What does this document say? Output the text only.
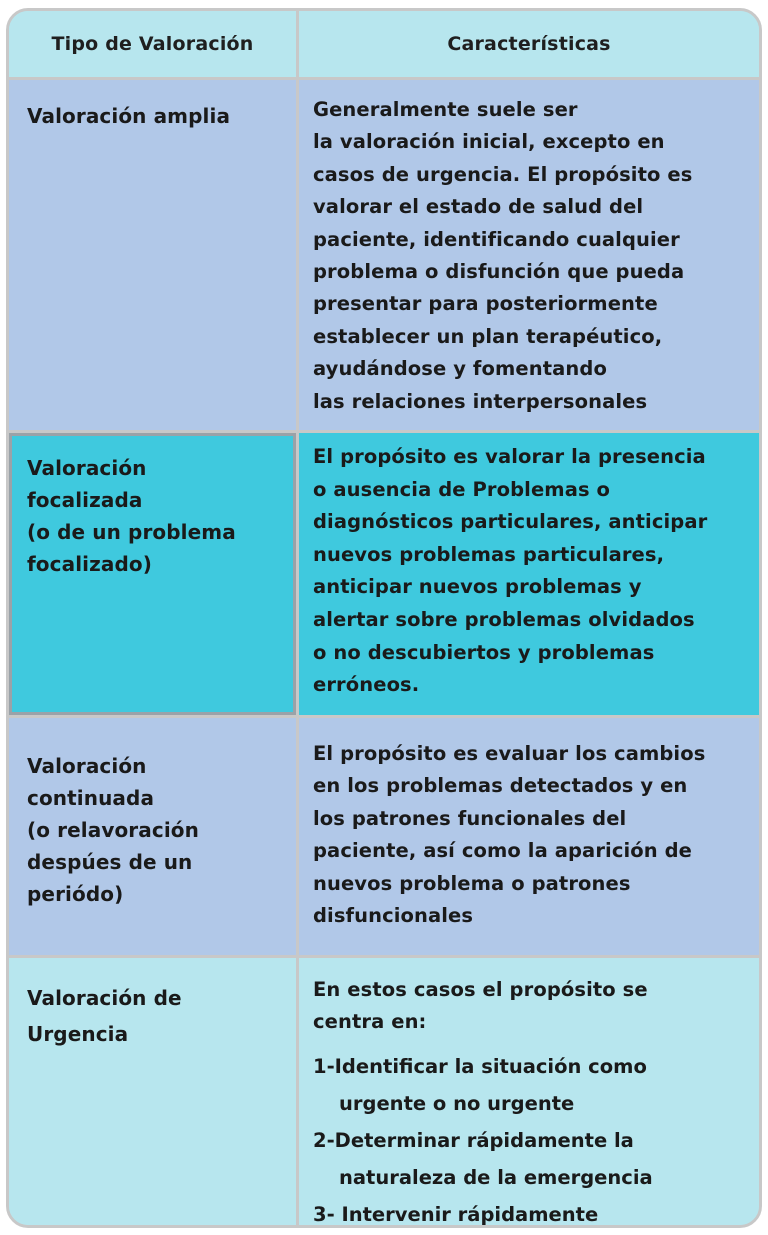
Tipo de Valoración	Características
Valoración amplia	Generalmente suele ser
la valoración inicial, excepto en
casos de urgencia. El propósito es
valorar el estado de salud del
paciente, identificando cualquier
problema o disfunción que pueda
presentar para posteriormente
establecer un plan terapéutico,
ayudándose y fomentando
las relaciones interpersonales
Valoración
focalizada
(o de un problema
focalizado)
El propósito es valorar la presencia
o ausencia de Problemas o
diagnósticos particulares, anticipar
nuevos problemas particulares,
anticipar nuevos problemas y
alertar sobre problemas olvidados
o no descubiertos y problemas
erróneos.
Valoración
continuada
(o relavoración
despúes de un
periódo)
El propósito es evaluar los cambios
en los problemas detectados y en
los patrones funcionales del
paciente, así como la aparición de
nuevos problema o patrones
disfuncionales
Valoración de
Urgencia
En estos casos el propósito se
centra en:
1- Identificar la situación como
urgente o no urgente
2- Determinar rápidamente la
naturaleza de la emergencia
3- Intervenir rápidamente
